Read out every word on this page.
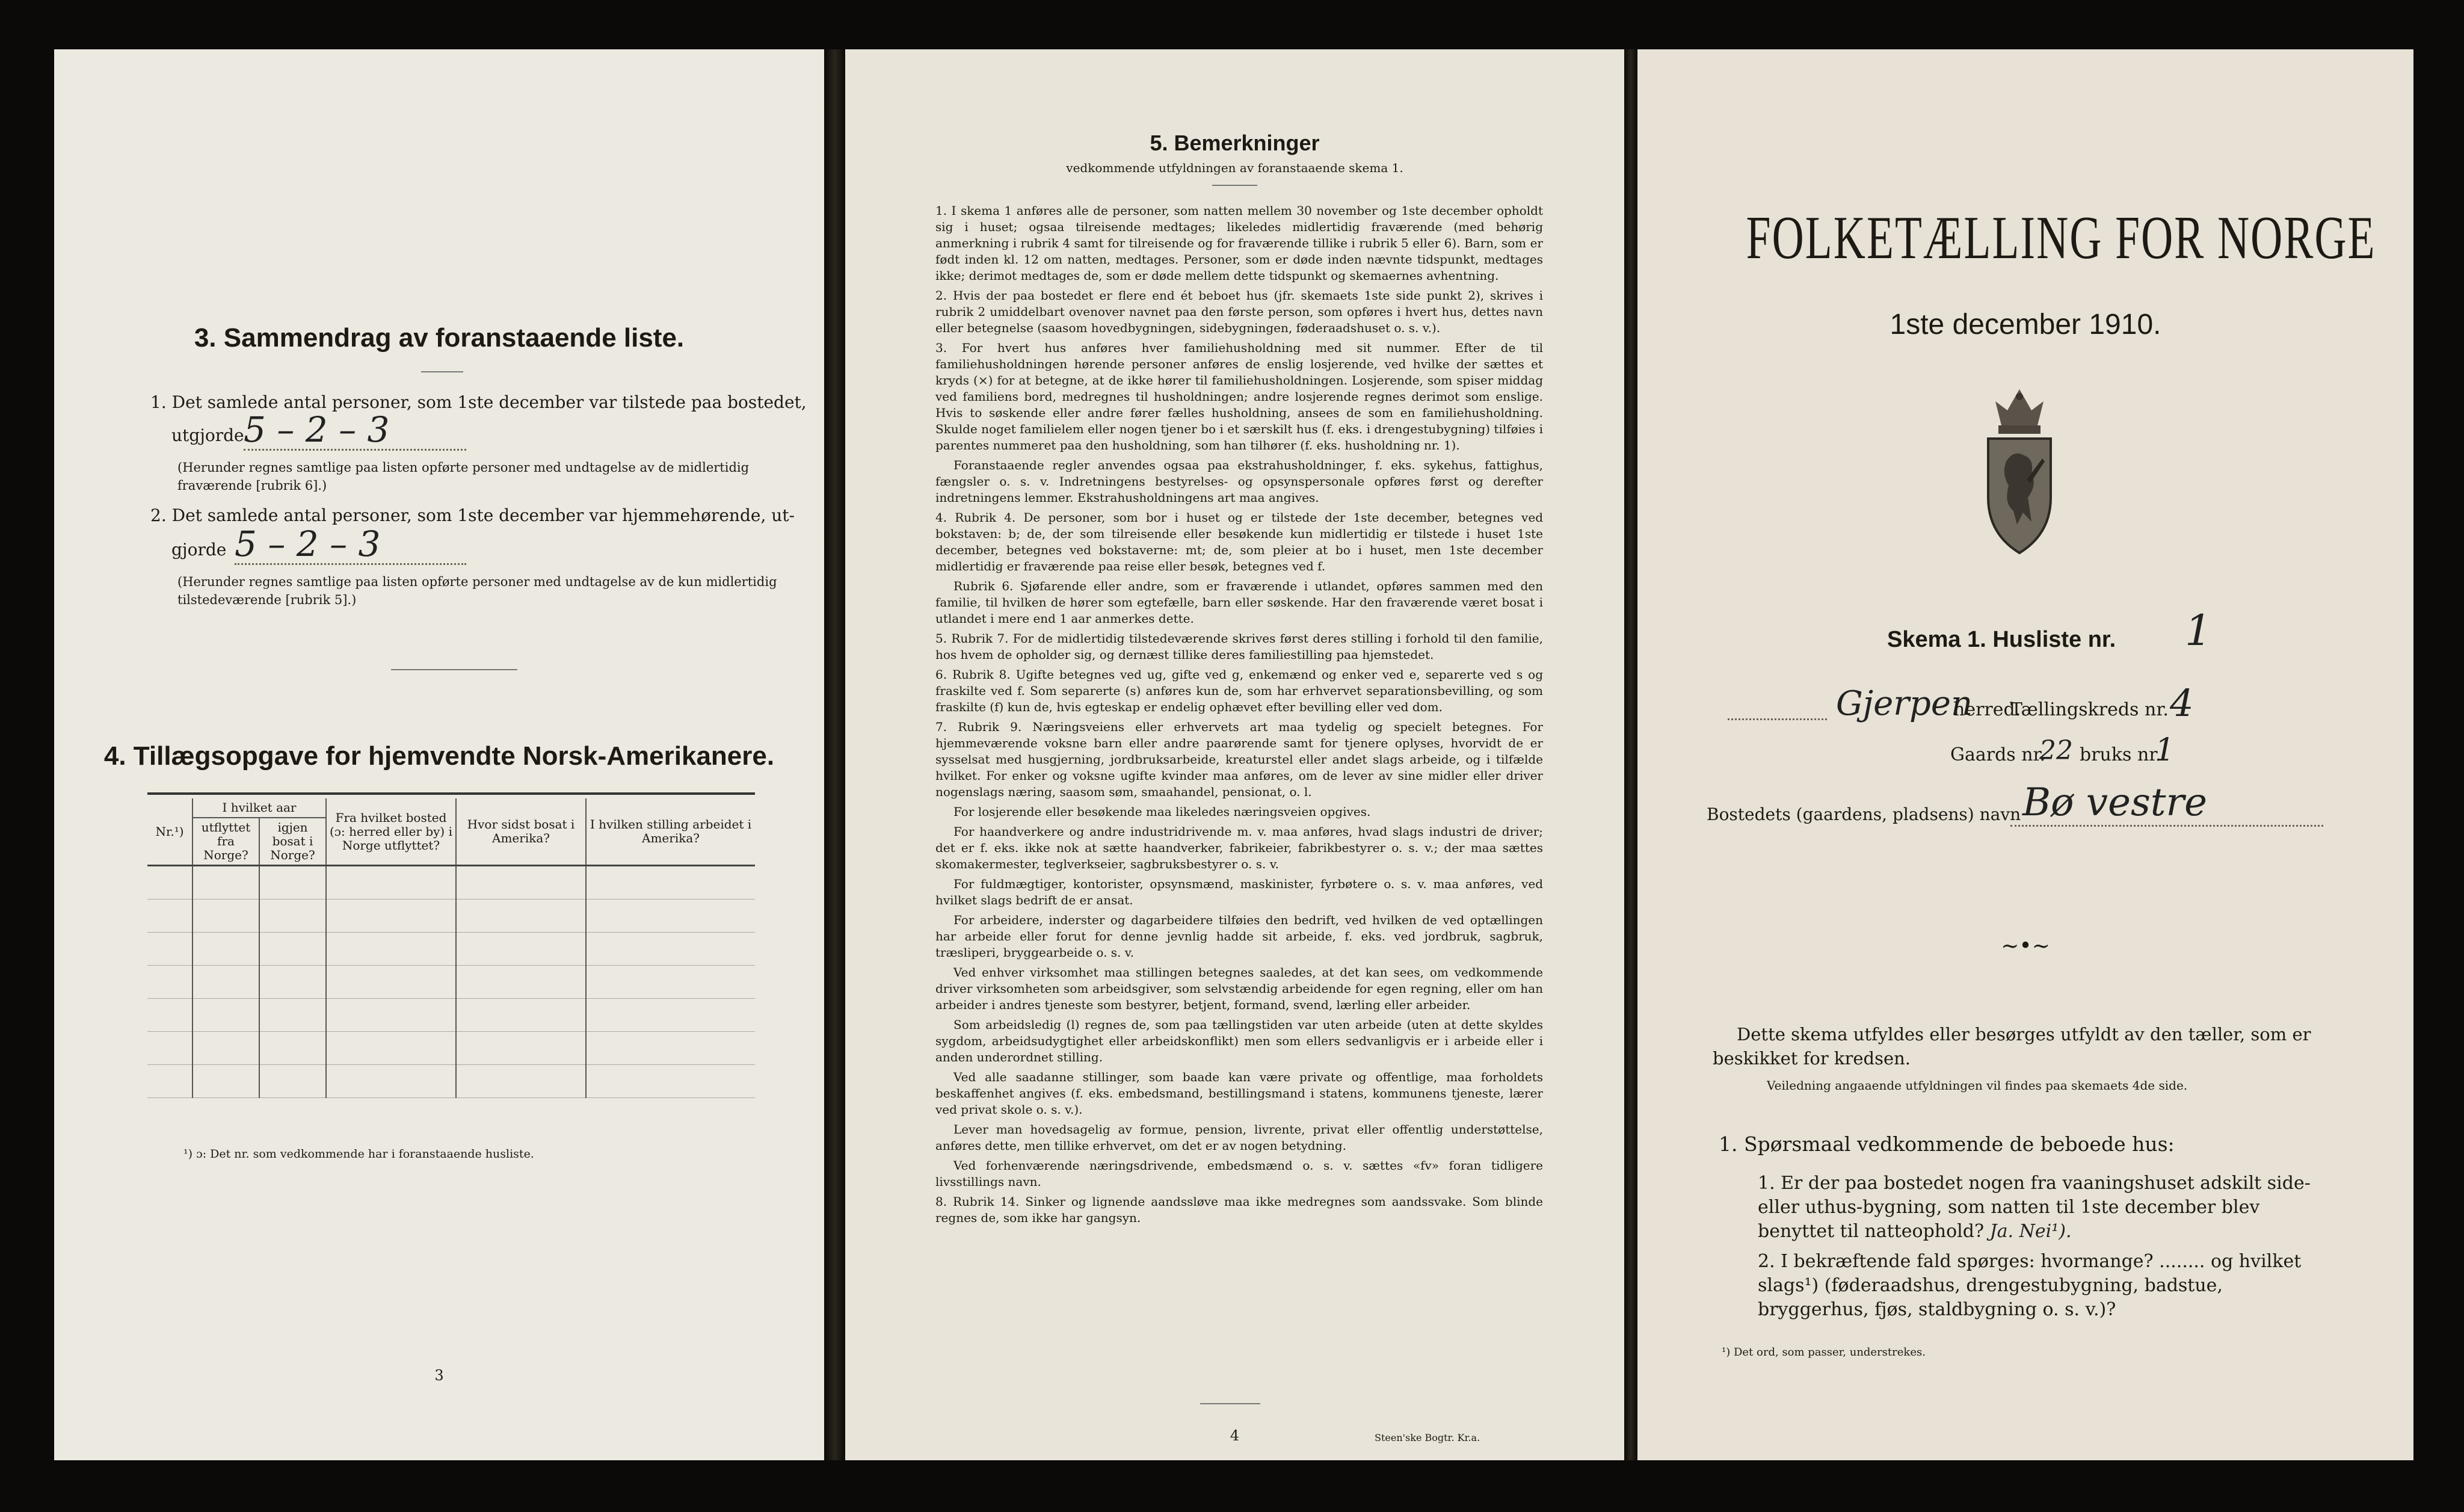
3. Sammendrag av foranstaaende liste.
1. Det samlede antal personer, som 1ste december var tilstede paa bostedet,
utgjorde 5 – 2 – 3
(Herunder regnes samtlige paa listen opførte personer med undtagelse av de midlertidig fraværende [rubrik 6].)
2. Det samlede antal personer, som 1ste december var hjemmehørende, ut-
gjorde 5 – 2 – 3
(Herunder regnes samtlige paa listen opførte personer med undtagelse av de kun midlertidig tilstedeværende [rubrik 5].)
4. Tillægsopgave for hjemvendte Norsk-Amerikanere.
Nr.¹)	I hvilket aar		Fra hvilket bosted (ɔ: herred eller by) i Norge utflyttet?	Hvor sidst bosat i Amerika?	I hvilken stilling arbeidet i Amerika?
	utflyttet fra Norge?	igjen bosat i Norge?			

¹) ɔ: Det nr. som vedkommende har i foranstaaende husliste.
3
5. Bemerkninger
vedkommende utfyldningen av foranstaaende skema 1.

1. I skema 1 anføres alle de personer, som natten mellem 30 november og 1ste december opholdt sig i huset; ogsaa tilreisende medtages; likeledes midlertidig fraværende (med behørig anmerkning i rubrik 4 samt for tilreisende og for fraværende tillike i rubrik 5 eller 6). Barn, som er født inden kl. 12 om natten, medtages. Personer, som er døde inden nævnte tidspunkt, medtages ikke; derimot medtages de, som er døde mellem dette tidspunkt og skemaernes avhentning.

2. Hvis der paa bostedet er flere end ét beboet hus (jfr. skemaets 1ste side punkt 2), skrives i rubrik 2 umiddelbart ovenover navnet paa den første person, som opføres i hvert hus, dettes navn eller betegnelse (saasom hovedbygningen, sidebygningen, føderaadshuset o. s. v.).

3. For hvert hus anføres hver familiehusholdning med sit nummer. Efter de til familiehusholdningen hørende personer anføres de enslig losjerende, ved hvilke der sættes et kryds (×) for at betegne, at de ikke hører til familiehusholdningen. Losjerende, som spiser middag ved familiens bord, medregnes til husholdningen; andre losjerende regnes derimot som enslige. Hvis to søskende eller andre fører fælles husholdning, ansees de som en familiehusholdning. Skulde noget familielem eller nogen tjener bo i et særskilt hus (f. eks. i drengestubygning) tilføies i parentes nummeret paa den husholdning, som han tilhører (f. eks. husholdning nr. 1).

Foranstaaende regler anvendes ogsaa paa ekstrahusholdninger, f. eks. sykehus, fattighus, fængsler o. s. v. Indretningens bestyrelses- og opsynspersonale opføres først og derefter indretningens lemmer. Ekstrahusholdningens art maa angives.

4. Rubrik 4. De personer, som bor i huset og er tilstede der 1ste december, betegnes ved bokstaven: b; de, der som tilreisende eller besøkende kun midlertidig er tilstede i huset 1ste december, betegnes ved bokstaverne: mt; de, som pleier at bo i huset, men 1ste december midlertidig er fraværende paa reise eller besøk, betegnes ved f.

Rubrik 6. Sjøfarende eller andre, som er fraværende i utlandet, opføres sammen med den familie, til hvilken de hører som egtefælle, barn eller søskende. Har den fraværende været bosat i utlandet i mere end 1 aar anmerkes dette.

5. Rubrik 7. For de midlertidig tilstedeværende skrives først deres stilling i forhold til den familie, hos hvem de opholder sig, og dernæst tillike deres familiestilling paa hjemstedet.

6. Rubrik 8. Ugifte betegnes ved ug, gifte ved g, enkemænd og enker ved e, separerte ved s og fraskilte ved f. Som separerte (s) anføres kun de, som har erhvervet separationsbevilling, og som fraskilte (f) kun de, hvis egteskap er endelig ophævet efter bevilling eller ved dom.

7. Rubrik 9. Næringsveiens eller erhvervets art maa tydelig og specielt betegnes. For hjemmeværende voksne barn eller andre paarørende samt for tjenere oplyses, hvorvidt de er sysselsat med husgjerning, jordbruksarbeide, kreaturstel eller andet slags arbeide, og i tilfælde hvilket. For enker og voksne ugifte kvinder maa anføres, om de lever av sine midler eller driver nogenslags næring, saasom søm, smaahandel, pensionat, o. l.

For losjerende eller besøkende maa likeledes næringsveien opgives.

For haandverkere og andre industridrivende m. v. maa anføres, hvad slags industri de driver; det er f. eks. ikke nok at sætte haandverker, fabrikeier, fabrikbestyrer o. s. v.; der maa sættes skomakermester, teglverkseier, sagbruksbestyrer o. s. v.

For fuldmægtiger, kontorister, opsynsmænd, maskinister, fyrbøtere o. s. v. maa anføres, ved hvilket slags bedrift de er ansat.

For arbeidere, inderster og dagarbeidere tilføies den bedrift, ved hvilken de ved optællingen har arbeide eller forut for denne jevnlig hadde sit arbeide, f. eks. ved jordbruk, sagbruk, træsliperi, bryggearbeide o. s. v.

Ved enhver virksomhet maa stillingen betegnes saaledes, at det kan sees, om vedkommende driver virksomheten som arbeidsgiver, som selvstændig arbeidende for egen regning, eller om han arbeider i andres tjeneste som bestyrer, betjent, formand, svend, lærling eller arbeider.

Som arbeidsledig (l) regnes de, som paa tællingstiden var uten arbeide (uten at dette skyldes sygdom, arbeidsudygtighet eller arbeidskonflikt) men som ellers sedvanligvis er i arbeide eller i anden underordnet stilling.

Ved alle saadanne stillinger, som baade kan være private og offentlige, maa forholdets beskaffenhet angives (f. eks. embedsmand, bestillingsmand i statens, kommunens tjeneste, lærer ved privat skole o. s. v.).

Lever man hovedsagelig av formue, pension, livrente, privat eller offentlig understøttelse, anføres dette, men tillike erhvervet, om det er av nogen betydning.

Ved forhenværende næringsdrivende, embedsmænd o. s. v. sættes «fv» foran tidligere livsstillings navn.

8. Rubrik 14. Sinker og lignende aandssløve maa ikke medregnes som aandssvake. Som blinde regnes de, som ikke har gangsyn.

4	Steen'ske Bogtr. Kr.a.
FOLKETÆLLING FOR NORGE
1ste december 1910.
Skema 1. Husliste nr. 1
Gjerpen
herred.
Tællingskreds nr. 4
Gaards nr.
22 bruks nr.
1
Bostedets (gaardens, pladsens) navn Bø vestre
~•~
Dette skema utfyldes eller besørges utfyldt av den tæller, som er beskikket for kredsen.
Veiledning angaaende utfyldningen vil findes paa skemaets 4de side.
1. Spørsmaal vedkommende de beboede hus:
1. Er der paa bostedet nogen fra vaaningshuset adskilt side- eller uthus-bygning, som natten til 1ste december blev benyttet til natteophold? Ja. Nei¹).
2. I bekræftende fald spørges: hvormange? ........ og hvilket slags¹) (føderaadshus, drengestubygning, badstue, bryggerhus, fjøs, staldbygning o. s. v.)?
¹) Det ord, som passer, understrekes.
